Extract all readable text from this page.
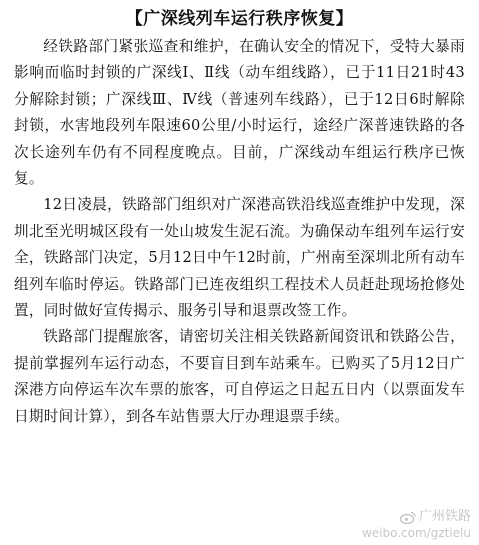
【广深线列车运行秩序恢复】

经铁路部门紧张巡查和维护，在确认安全的情况下，受特大暴雨影响而临时封锁的广深线Ⅰ、Ⅱ线（动车组线路），已于11日21时43分解除封锁；广深线Ⅲ、Ⅳ线（普速列车线路），已于12日6时解除封锁，水害地段列车限速60公里/小时运行，途经广深普速铁路的各次长途列车仍有不同程度晚点。目前，广深线动车组运行秩序已恢复。

12日凌晨，铁路部门组织对广深港高铁沿线巡查维护中发现，深圳北至光明城区段有一处山坡发生泥石流。为确保动车组列车运行安全，铁路部门决定，5月12日中午12时前，广州南至深圳北所有动车组列车临时停运。铁路部门已连夜组织工程技术人员赶赴现场抢修处置，同时做好宣传揭示、服务引导和退票改签工作。

铁路部门提醒旅客，请密切关注相关铁路新闻资讯和铁路公告，提前掌握列车运行动态，不要盲目到车站乘车。已购买了5月12日广深港方向停运车次车票的旅客，可自停运之日起五日内（以票面发车日期时间计算），到各车站售票大厅办理退票手续。

广州铁路
weibo.com/gztielu
